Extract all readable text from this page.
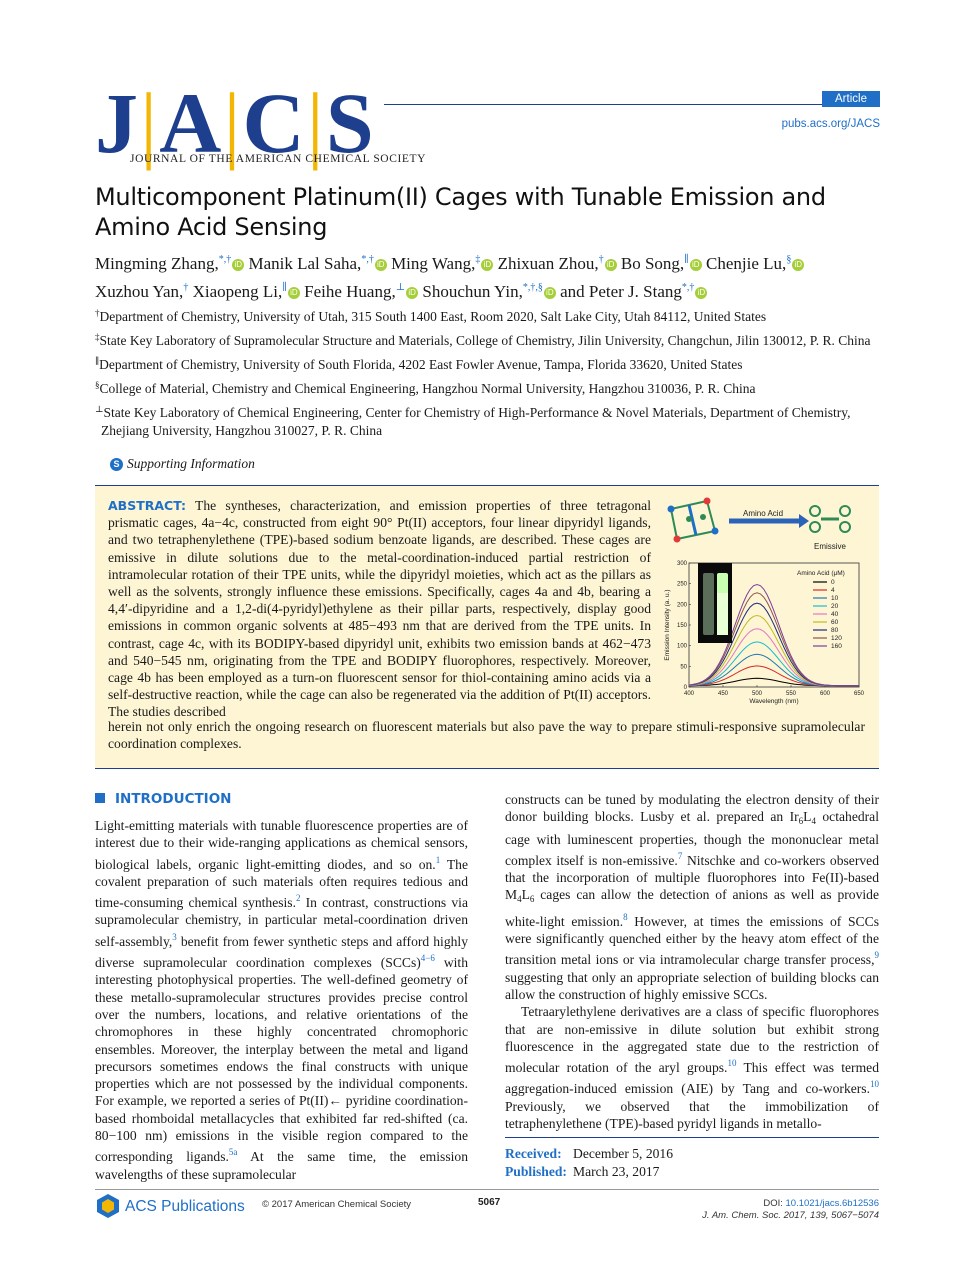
J|A|C|S
JOURNAL OF THE AMERICAN CHEMICAL SOCIETY
Article
pubs.acs.org/JACS
Multicomponent Platinum(II) Cages with Tunable Emission and Amino Acid Sensing
Mingming Zhang,*,† iD Manik Lal Saha,*,† iD Ming Wang,‡ iD Zhixuan Zhou,† iD Bo Song,∥ iD Chenjie Lu,§ iD
Xuzhou Yan,† Xiaopeng Li,∥ iD Feihe Huang,⊥ iD Shouchun Yin,*,†,§ iD and Peter J. Stang*,† iD
†Department of Chemistry, University of Utah, 315 South 1400 East, Room 2020, Salt Lake City, Utah 84112, United States
‡State Key Laboratory of Supramolecular Structure and Materials, College of Chemistry, Jilin University, Changchun, Jilin 130012, P. R. China
∥Department of Chemistry, University of South Florida, 4202 East Fowler Avenue, Tampa, Florida 33620, United States
§College of Material, Chemistry and Chemical Engineering, Hangzhou Normal University, Hangzhou 310036, P. R. China
⊥State Key Laboratory of Chemical Engineering, Center for Chemistry of High-Performance & Novel Materials, Department of Chemistry, Zhejiang University, Hangzhou 310027, P. R. China
S Supporting Information
ABSTRACT: The syntheses, characterization, and emission properties of three tetragonal prismatic cages, 4a−4c, constructed from eight 90° Pt(II) acceptors, four linear dipyridyl ligands, and two tetraphenylethene (TPE)-based sodium benzoate ligands, are described. These cages are emissive in dilute solutions due to the metal-coordination-induced partial restriction of intramolecular rotation of their TPE units, while the dipyridyl moieties, which act as the pillars as well as the solvents, strongly influence these emissions. Specifically, cages 4a and 4b, bearing a 4,4′-dipyridine and a 1,2-di(4-pyridyl)ethylene as their pillar parts, respectively, display good emissions in common organic solvents at 485−493 nm that are derived from the TPE units. In contrast, cage 4c, with its BODIPY-based dipyridyl unit, exhibits two emission bands at 462−473 and 540−545 nm, originating from the TPE and BODIPY fluorophores, respectively. Moreover, cage 4b has been employed as a turn-on fluorescent sensor for thiol-containing amino acids via a self-destructive reaction, while the cage can also be regenerated via the addition of Pt(II) acceptors. The studies described
herein not only enrich the ongoing research on fluorescent materials but also pave the way to prepare stimuli-responsive supramolecular coordination complexes.
Amino Acid
Emissive
400	450	500	550	600	650
0
50
100
150
200
250
300
Wavelength (nm)
Emission Intensity (a. u.)
Amino Acid (μM)
0
4
10
20
40
60
80
120
160
INTRODUCTION
Light-emitting materials with tunable fluorescence properties are of interest due to their wide-ranging applications as chemical sensors, biological labels, organic light-emitting diodes, and so on.$^1$ The covalent preparation of such materials often requires tedious and time-consuming chemical synthesis.$^2$ In contrast, constructions via supramolecular chemistry, in particular metal-coordination driven self-assembly,$^3$ benefit from fewer synthetic steps and afford highly diverse supramolecular coordination complexes (SCCs)$^{4-6}$ with interesting photophysical properties. The well-defined geometry of these metallo-supramolecular structures provides precise control over the numbers, locations, and relative orientations of the chromophores in these highly concentrated chromophoric ensembles. Moreover, the interplay between the metal and ligand precursors sometimes endows the final constructs with unique properties which are not possessed by the individual components. For example, we reported a series of Pt(II)← pyridine coordination-based rhomboidal metallacycles that exhibited far red-shifted (ca. 80−100 nm) emissions in the visible region compared to the corresponding ligands.$^{5a}$ At the same time, the emission wavelengths of these supramolecular
constructs can be tuned by modulating the electron density of their donor building blocks. Lusby et al. prepared an $Ir_6L_4$ octahedral cage with luminescent properties, though the mononuclear metal complex itself is non-emissive.$^7$ Nitschke and co-workers observed that the incorporation of multiple fluorophores into Fe(II)-based $M_4L_6$ cages can allow the detection of anions as well as provide white-light emission.$^8$ However, at times the emissions of SCCs were significantly quenched either by the heavy atom effect of the transition metal ions or via intramolecular charge transfer process,$^9$ suggesting that only an appropriate selection of building blocks can allow the construction of highly emissive SCCs.
Tetraarylethylene derivatives are a class of specific fluorophores that are non-emissive in dilute solution but exhibit strong fluorescence in the aggregated state due to the restriction of molecular rotation of the aryl groups.$^{10}$ This effect was termed aggregation-induced emission (AIE) by Tang and co-workers.$^{10}$ Previously, we observed that the immobilization of tetraphenylethene (TPE)-based pyridyl ligands in metallo-
Received: December 5, 2016
Published: March 23, 2017
ACS Publications © 2017 American Chemical Society	5067	DOI: 10.1021/jacs.6b12536
J. Am. Chem. Soc. 2017, 139, 5067−5074
